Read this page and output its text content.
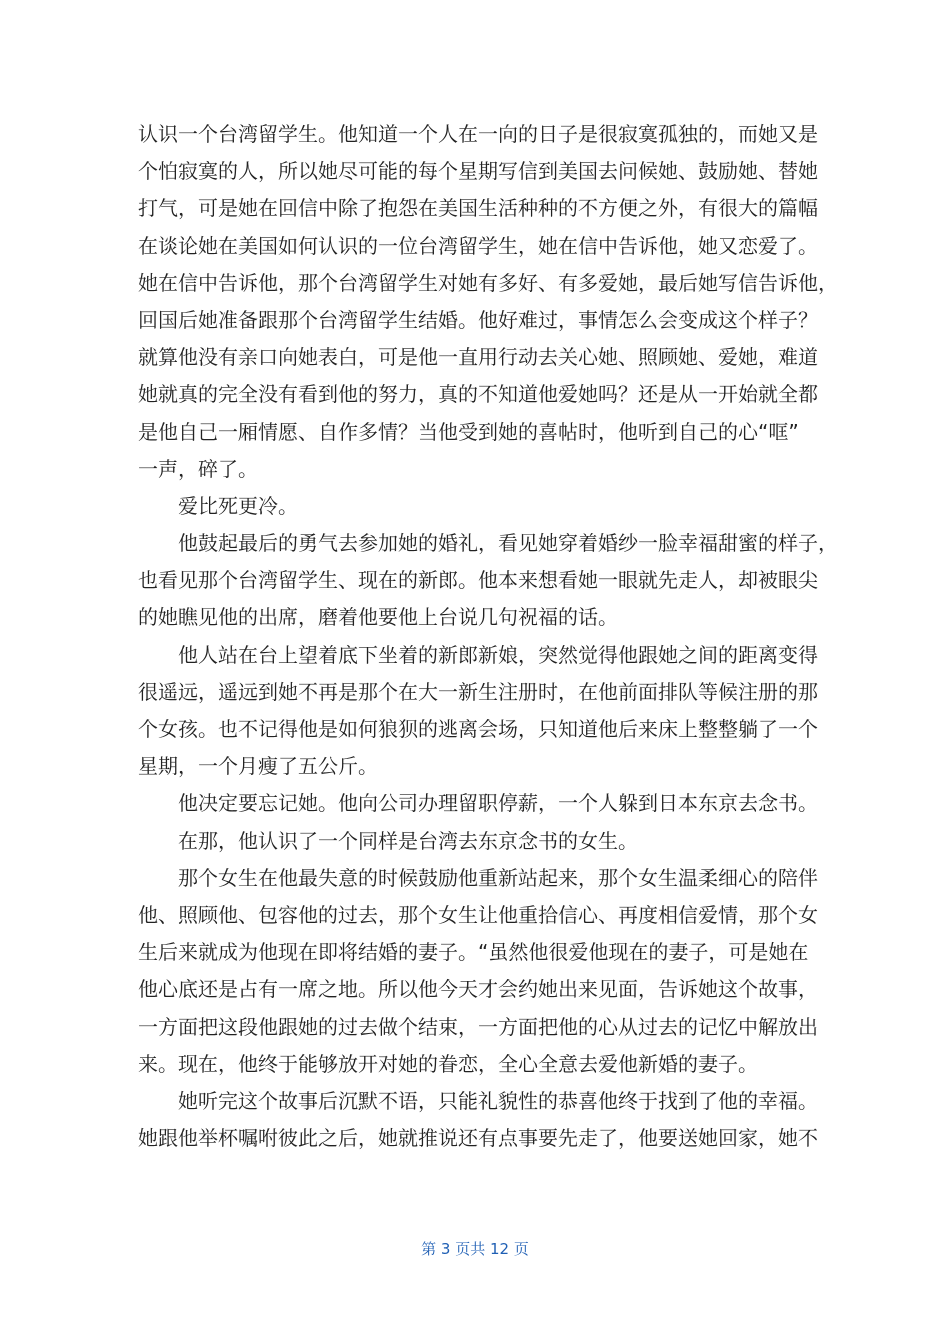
认识一个台湾留学生。他知道一个人在一向的日子是很寂寞孤独的，而她又是
个怕寂寞的人，所以她尽可能的每个星期写信到美国去问候她、鼓励她、替她
打气，可是她在回信中除了抱怨在美国生活种种的不方便之外，有很大的篇幅
在谈论她在美国如何认识的一位台湾留学生，她在信中告诉他，她又恋爱了。
她在信中告诉他，那个台湾留学生对她有多好、有多爱她，最后她写信告诉他，
回国后她准备跟那个台湾留学生结婚。他好难过，事情怎么会变成这个样子？
就算他没有亲口向她表白，可是他一直用行动去关心她、照顾她、爱她，难道
她就真的完全没有看到他的努力，真的不知道他爱她吗？还是从一开始就全都
是他自己一厢情愿、自作多情？当他受到她的喜帖时，他听到自己的心“哐”
一声，碎了。
爱比死更冷。
他鼓起最后的勇气去参加她的婚礼，看见她穿着婚纱一脸幸福甜蜜的样子，
也看见那个台湾留学生、现在的新郎。他本来想看她一眼就先走人，却被眼尖
的她瞧见他的出席，磨着他要他上台说几句祝福的话。
他人站在台上望着底下坐着的新郎新娘，突然觉得他跟她之间的距离变得
很遥远，遥远到她不再是那个在大一新生注册时，在他前面排队等候注册的那
个女孩。也不记得他是如何狼狈的逃离会场，只知道他后来床上整整躺了一个
星期，一个月瘦了五公斤。
他决定要忘记她。他向公司办理留职停薪，一个人躲到日本东京去念书。
在那，他认识了一个同样是台湾去东京念书的女生。
那个女生在他最失意的时候鼓励他重新站起来，那个女生温柔细心的陪伴
他、照顾他、包容他的过去，那个女生让他重拾信心、再度相信爱情，那个女
生后来就成为他现在即将结婚的妻子。“虽然他很爱他现在的妻子，可是她在
他心底还是占有一席之地。所以他今天才会约她出来见面，告诉她这个故事，
一方面把这段他跟她的过去做个结束，一方面把他的心从过去的记忆中解放出
来。现在，他终于能够放开对她的眷恋，全心全意去爱他新婚的妻子。
她听完这个故事后沉默不语，只能礼貌性的恭喜他终于找到了他的幸福。
她跟他举杯嘱咐彼此之后，她就推说还有点事要先走了，他要送她回家，她不
第 3 页共 12 页
